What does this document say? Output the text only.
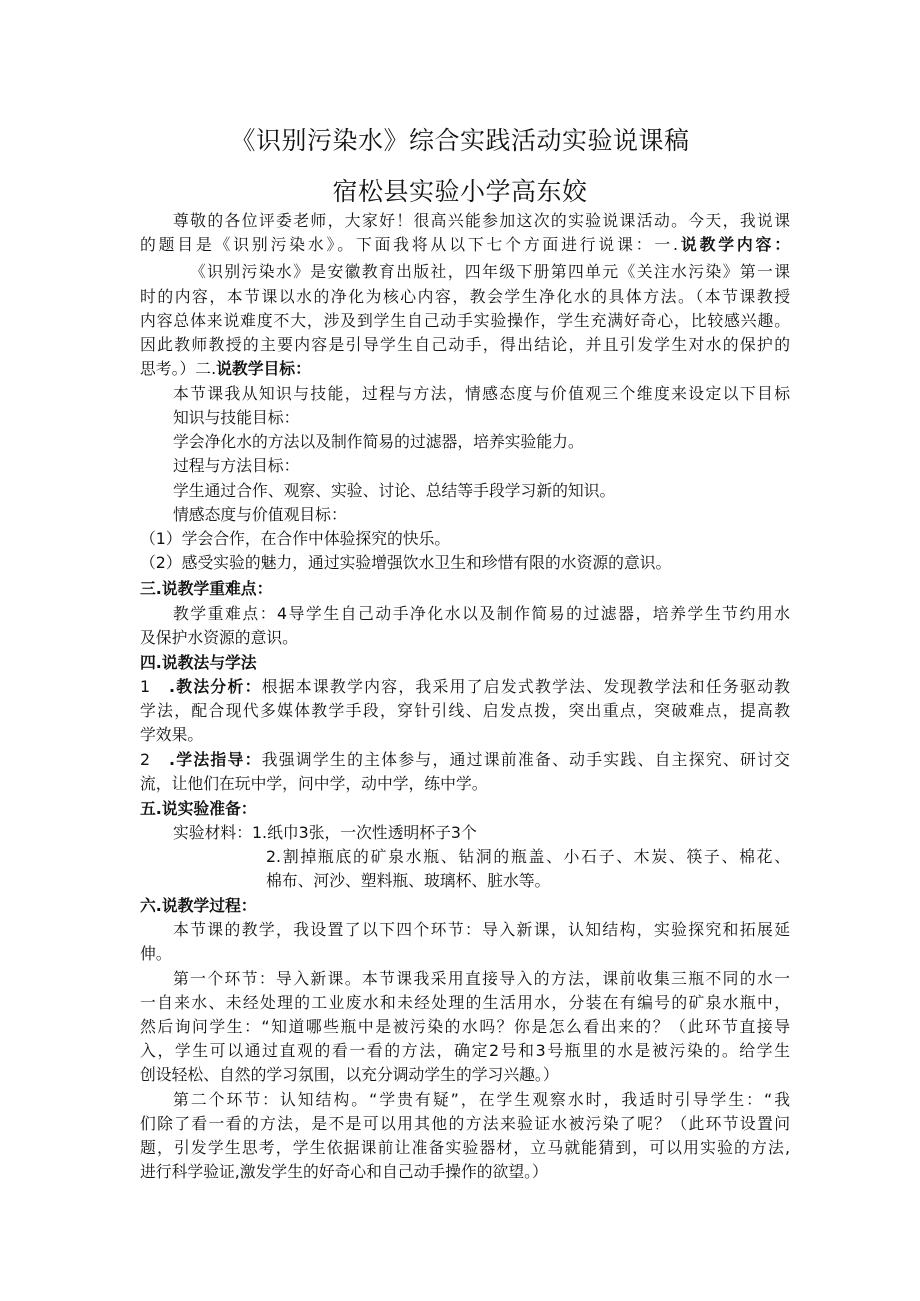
《识别污染水》综合实践活动实验说课稿
宿松县实验小学高东姣
尊敬的各位评委老师，大家好！很高兴能参加这次的实验说课活动。今天，我说课
的题目是《识别污染水》。下面我将从以下七个方面进行说课：一.说教学内容：
《识别污染水》是安徽教育出版社，四年级下册第四单元《关注水污染》第一课
时的内容，本节课以水的净化为核心内容，教会学生净化水的具体方法。（本节课教授
内容总体来说难度不大，涉及到学生自己动手实验操作，学生充满好奇心，比较感兴趣。
因此教师教授的主要内容是引导学生自己动手，得出结论，并且引发学生对水的保护的
思考。）二.说教学目标：
本节课我从知识与技能，过程与方法，情感态度与价值观三个维度来设定以下目标
知识与技能目标：
学会净化水的方法以及制作简易的过滤器，培养实验能力。
过程与方法目标：
学生通过合作、观察、实验、讨论、总结等手段学习新的知识。
情感态度与价值观目标：
（1）学会合作，在合作中体验探究的快乐。
（2）感受实验的魅力，通过实验增强饮水卫生和珍惜有限的水资源的意识。
三.说教学重难点：
教学重难点：4导学生自己动手净化水以及制作简易的过滤器，培养学生节约用水
及保护水资源的意识。
四.说教法与学法
1 .教法分析：根据本课教学内容，我采用了启发式教学法、发现教学法和任务驱动教
学法，配合现代多媒体教学手段，穿针引线、启发点拨，突出重点，突破难点，提高教
学效果。
2 .学法指导：我强调学生的主体参与，通过课前准备、动手实践、自主探究、研讨交
流，让他们在玩中学，问中学，动中学，练中学。
五.说实验准备：
实验材料：1.纸巾3张，一次性透明杯子3个
2.割掉瓶底的矿泉水瓶、钻洞的瓶盖、小石子、木炭、筷子、棉花、
棉布、河沙、塑料瓶、玻璃杯、脏水等。
六.说教学过程：
本节课的教学，我设置了以下四个环节：导入新课，认知结构，实验探究和拓展延
伸。
第一个环节：导入新课。本节课我采用直接导入的方法，课前收集三瓶不同的水一
一自来水、未经处理的工业废水和未经处理的生活用水，分装在有编号的矿泉水瓶中，
然后询问学生：“知道哪些瓶中是被污染的水吗？你是怎么看出来的？（此环节直接导
入，学生可以通过直观的看一看的方法，确定2号和3号瓶里的水是被污染的。给学生
创设轻松、自然的学习氛围，以充分调动学生的学习兴趣。）
第二个环节：认知结构。“学贵有疑”，在学生观察水时，我适时引导学生：“我
们除了看一看的方法，是不是可以用其他的方法来验证水被污染了呢？（此环节设置问
题，引发学生思考，学生依据课前让准备实验器材，立马就能猜到，可以用实验的方法,
进行科学验证,激发学生的好奇心和自己动手操作的欲望。）
